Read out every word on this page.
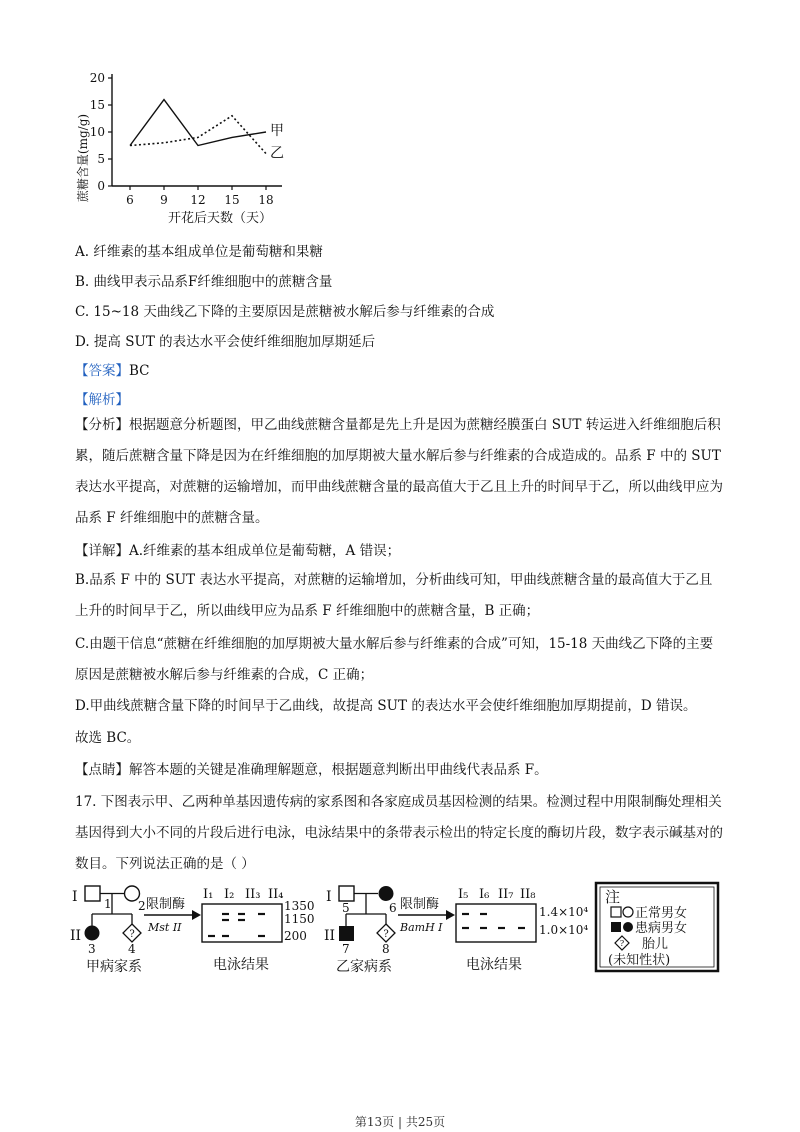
蔗糖含量(mg/g) 0
5
10
15
20
6 9 12 15 18
甲
乙
开花后天数（天）
A. 纤维素的基本组成单位是葡萄糖和果糖
B. 曲线甲表示品系F纤维细胞中的蔗糖含量
C. 15~18 天曲线乙下降的主要原因是蔗糖被水解后参与纤维素的合成
D. 提高 SUT 的表达水平会使纤维细胞加厚期延后
【答案】BC
【解析】
【分析】根据题意分析题图，甲乙曲线蔗糖含量都是先上升是因为蔗糖经膜蛋白 SUT 转运进入纤维细胞后积累，随后蔗糖含量下降是因为在纤维细胞的加厚期被大量水解后参与纤维素的合成造成的。品系 F 中的 SUT 表达水平提高，对蔗糖的运输增加，而甲曲线蔗糖含量的最高值大于乙且上升的时间早于乙，所以曲线甲应为品系 F 纤维细胞中的蔗糖含量。
【详解】A.纤维素的基本组成单位是葡萄糖，A 错误；
B.品系 F 中的 SUT 表达水平提高，对蔗糖的运输增加，分析曲线可知，甲曲线蔗糖含量的最高值大于乙且上升的时间早于乙，所以曲线甲应为品系 F 纤维细胞中的蔗糖含量，B 正确；
C.由题干信息“蔗糖在纤维细胞的加厚期被大量水解后参与纤维素的合成”可知，15-18 天曲线乙下降的主要原因是蔗糖被水解后参与纤维素的合成，C 正确；
D.甲曲线蔗糖含量下降的时间早于乙曲线，故提高 SUT 的表达水平会使纤维细胞加厚期提前，D 错误。
故选 BC。
【点睛】解答本题的关键是准确理解题意，根据题意判断出甲曲线代表品系 F。
17. 下图表示甲、乙两种单基因遗传病的家系图和各家庭成员基因检测的结果。检测过程中用限制酶处理相关基因得到大小不同的片段后进行电泳，电泳结果中的条带表示检出的特定长度的酶切片段，数字表示碱基对的数目。下列说法正确的是（ ）
I
II
1 2
?
3	4
甲病家系
限制酶
Mst II
I₁ I₂ II₃ II₄
1350
1150
200
电泳结果
I
II
5	6
?
7	8
乙家病系
限制酶
BamH I
I₅ I₆ II₇ II₈
1.4×10⁴
1.0×10⁴
电泳结果
注
正常男女
患病男女
? 胎儿
(未知性状)
第13页 | 共25页
